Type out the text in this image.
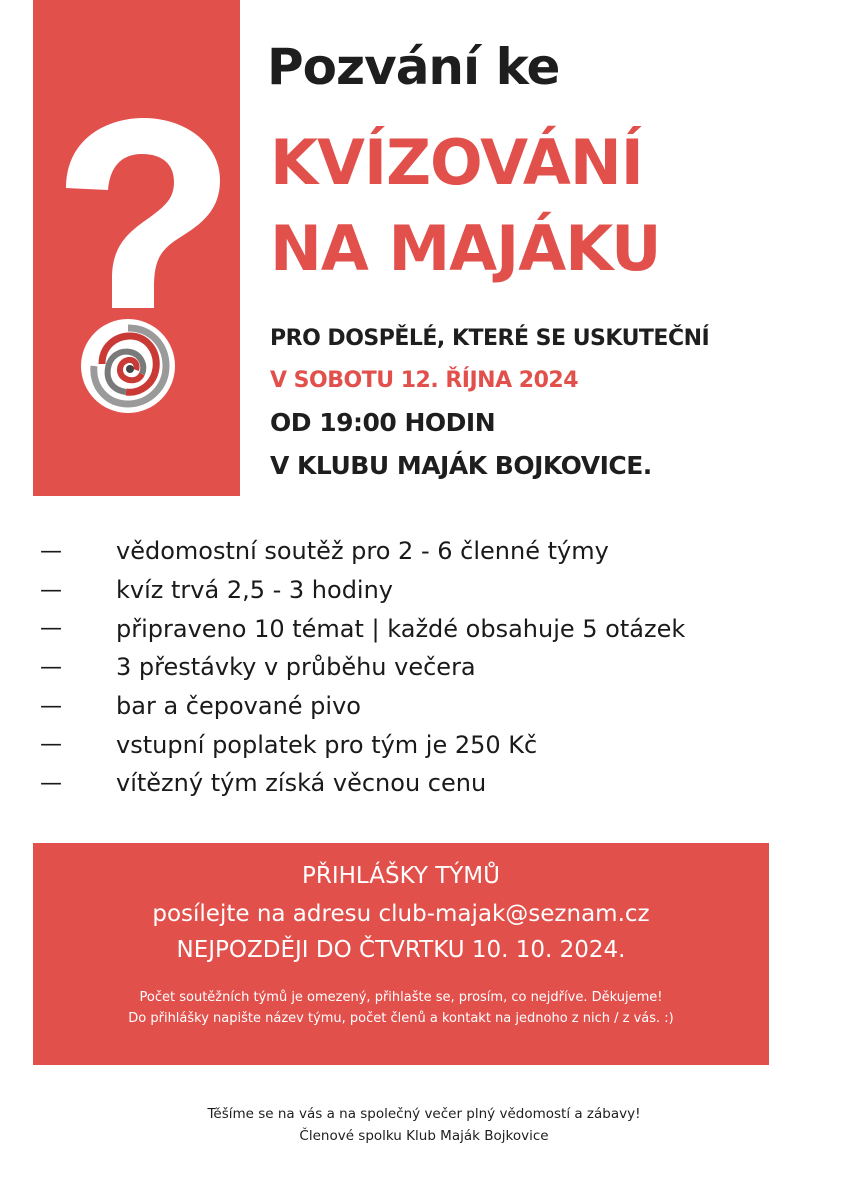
Pozvání ke
KVÍZOVÁNÍ
NA MAJÁKU

PRO DOSPĚLÉ, KTERÉ SE USKUTEČNÍ

V SOBOTU 12. ŘÍJNA 2024

OD 19:00 HODIN

V KLUBU MAJÁK BOJKOVICE.

—	vědomostní soutěž pro 2 - 6 členné týmy
—	kvíz trvá 2,5 - 3 hodiny
—	připraveno 10 témat | každé obsahuje 5 otázek
—	3 přestávky v průběhu večera
—	bar a čepované pivo
—	vstupní poplatek pro tým je 250 Kč
—	vítězný tým získá věcnou cenu
PŘIHLÁŠKY TÝMŮ
posílejte na adresu club-majak@seznam.cz
NEJPOZDĚJI DO ČTVRTKU 10. 10. 2024.
Počet soutěžních týmů je omezený, přihlašte se, prosím, co nejdříve. Děkujeme!
Do přihlášky napište název týmu, počet členů a kontakt na jednoho z nich / z vás. :)
Těšíme se na vás a na společný večer plný vědomostí a zábavy!
Členové spolku Klub Maják Bojkovice
